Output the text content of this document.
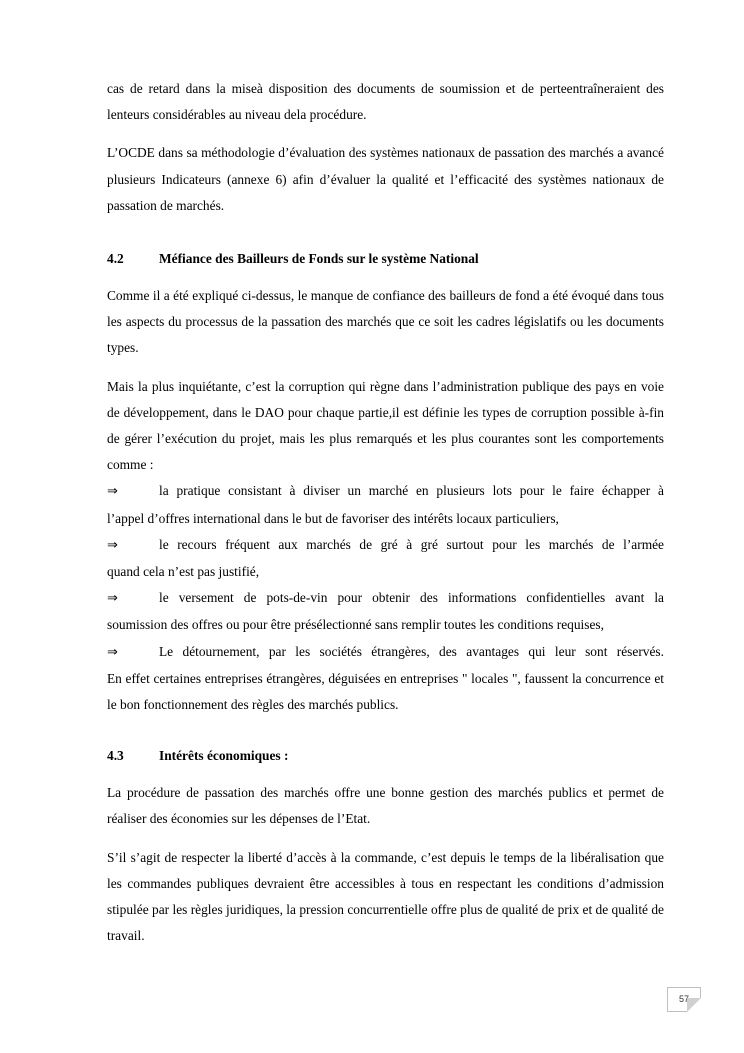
cas de retard dans la miseà disposition des documents de soumission et de perteentraîneraient des lenteurs considérables au niveau dela procédure.

L’OCDE dans sa méthodologie d’évaluation des systèmes nationaux de passation des marchés a avancé plusieurs Indicateurs (annexe 6) afin d’évaluer la qualité et l’efficacité des systèmes nationaux de passation de marchés.

4.2	Méfiance des Bailleurs de Fonds sur le système National

Comme il a été expliqué ci-dessus, le manque de confiance des bailleurs de fond a été évoqué dans tous les aspects du processus de la passation des marchés que ce soit les cadres législatifs ou les documents types.

Mais la plus inquiétante, c’est la corruption qui règne dans l’administration publique des pays en voie de développement, dans le DAO pour chaque partie,il est définie les types de corruption possible à-fin de gérer l’exécution du projet, mais les plus remarqués et les plus courantes sont les comportements comme :

⇒	la pratique consistant à diviser un marché en plusieurs lots pour le faire échapper à

l’appel d’offres international dans le but de favoriser des intérêts locaux particuliers,

⇒	le recours fréquent aux marchés de gré à gré surtout pour les marchés de l’armée

quand cela n’est pas justifié,

⇒	le versement de pots-de-vin pour obtenir des informations confidentielles avant la

soumission des offres ou pour être présélectionné sans remplir toutes les conditions requises,

⇒	Le détournement, par les sociétés étrangères, des avantages qui leur sont réservés.

En effet certaines entreprises étrangères, déguisées en entreprises " locales ", faussent la concurrence et le bon fonctionnement des règles des marchés publics.

4.3	Intérêts économiques :

La procédure de passation des marchés offre une bonne gestion des marchés publics et permet de réaliser des économies sur les dépenses de l’Etat.

S’il s’agit de respecter la liberté d’accès à la commande, c’est depuis le temps de la libéralisation que les commandes publiques devraient être accessibles à tous en respectant les conditions d’admission stipulée par les règles juridiques, la pression concurrentielle offre plus de qualité de prix et de qualité de travail.

57
